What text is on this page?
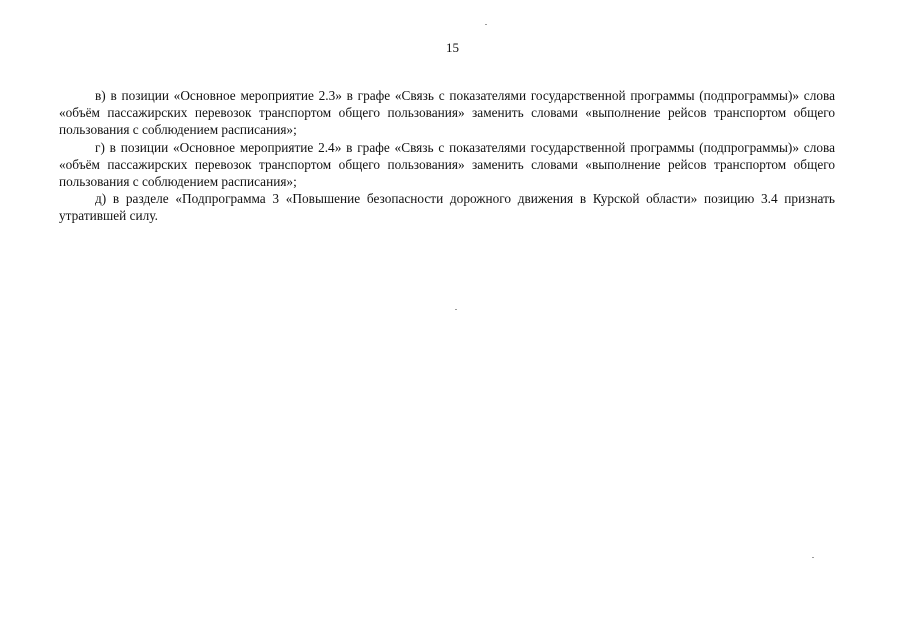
15

в) в позиции «Основное мероприятие 2.3» в графе «Связь с показателями государственной программы (подпрограммы)» слова «объём пассажирских перевозок транспортом общего пользования» заменить словами «выполнение рейсов транспортом общего пользования с соблюдением расписания»;

г) в позиции «Основное мероприятие 2.4» в графе «Связь с показателями государственной программы (подпрограммы)» слова «объём пассажирских перевозок транспортом общего пользования» заменить словами «выполнение рейсов транспортом общего пользования с соблюдением расписания»;

д) в разделе «Подпрограмма 3 «Повышение безопасности дорожного движения в Курской области» позицию 3.4 признать утратившей силу.
